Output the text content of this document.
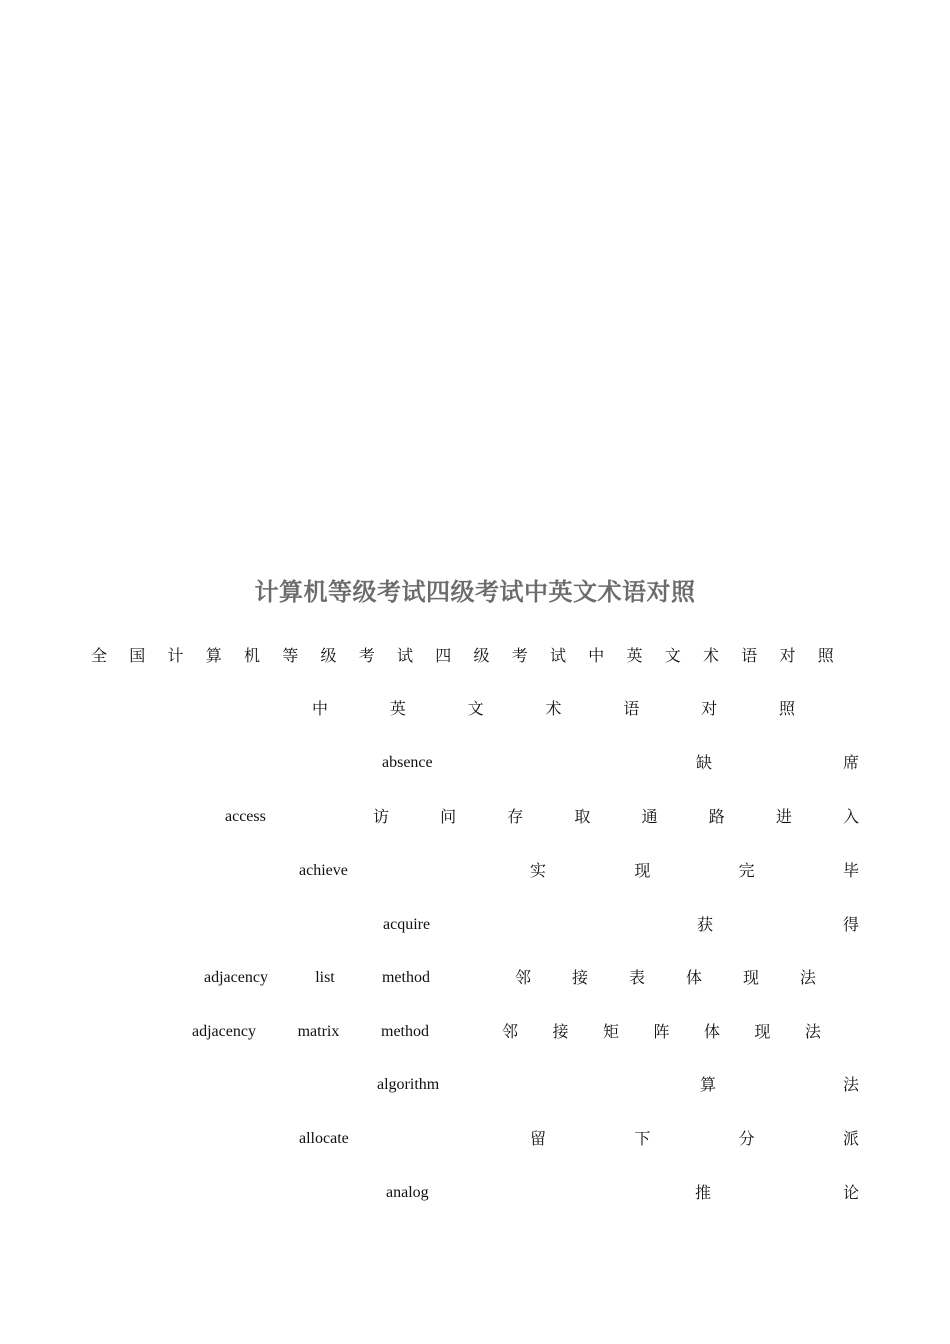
计算机等级考试四级考试中英文术语对照
全 国 计 算 机 等 级 考 试 四 级 考 试 中 英 文 术 语 对 照
中	英	文	术	语	对	照
absence	缺	席
access	访	问	存	取	通	路	进	入
achieve	实	现	完	毕
acquire	获	得
adjacency	list	method	邻	接	表	体	现	法
adjacency	matrix	method	邻 接 矩 阵 体 现 法
algorithm	算	法
allocate	留	下	分	派
analog	推	论
